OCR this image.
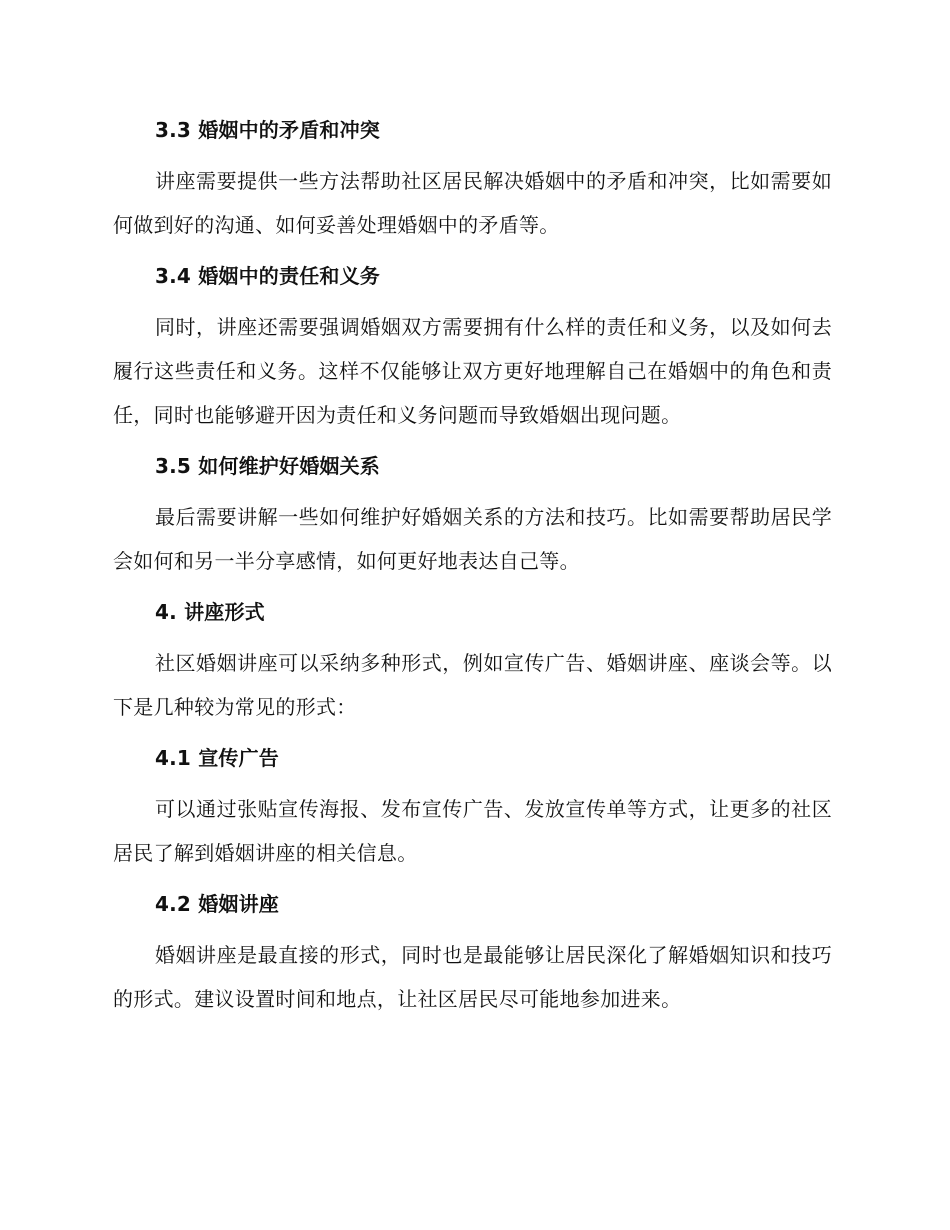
3.3 婚姻中的矛盾和冲突

讲座需要提供一些方法帮助社区居民解决婚姻中的矛盾和冲突，比如需要如何做到好的沟通、如何妥善处理婚姻中的矛盾等。

3.4 婚姻中的责任和义务

同时，讲座还需要强调婚姻双方需要拥有什么样的责任和义务，以及如何去履行这些责任和义务。这样不仅能够让双方更好地理解自己在婚姻中的角色和责任，同时也能够避开因为责任和义务问题而导致婚姻出现问题。

3.5 如何维护好婚姻关系

最后需要讲解一些如何维护好婚姻关系的方法和技巧。比如需要帮助居民学会如何和另一半分享感情，如何更好地表达自己等。

4. 讲座形式

社区婚姻讲座可以采纳多种形式，例如宣传广告、婚姻讲座、座谈会等。以下是几种较为常见的形式：

4.1 宣传广告

可以通过张贴宣传海报、发布宣传广告、发放宣传单等方式，让更多的社区居民了解到婚姻讲座的相关信息。

4.2 婚姻讲座

婚姻讲座是最直接的形式，同时也是最能够让居民深化了解婚姻知识和技巧的形式。建议设置时间和地点，让社区居民尽可能地参加进来。
